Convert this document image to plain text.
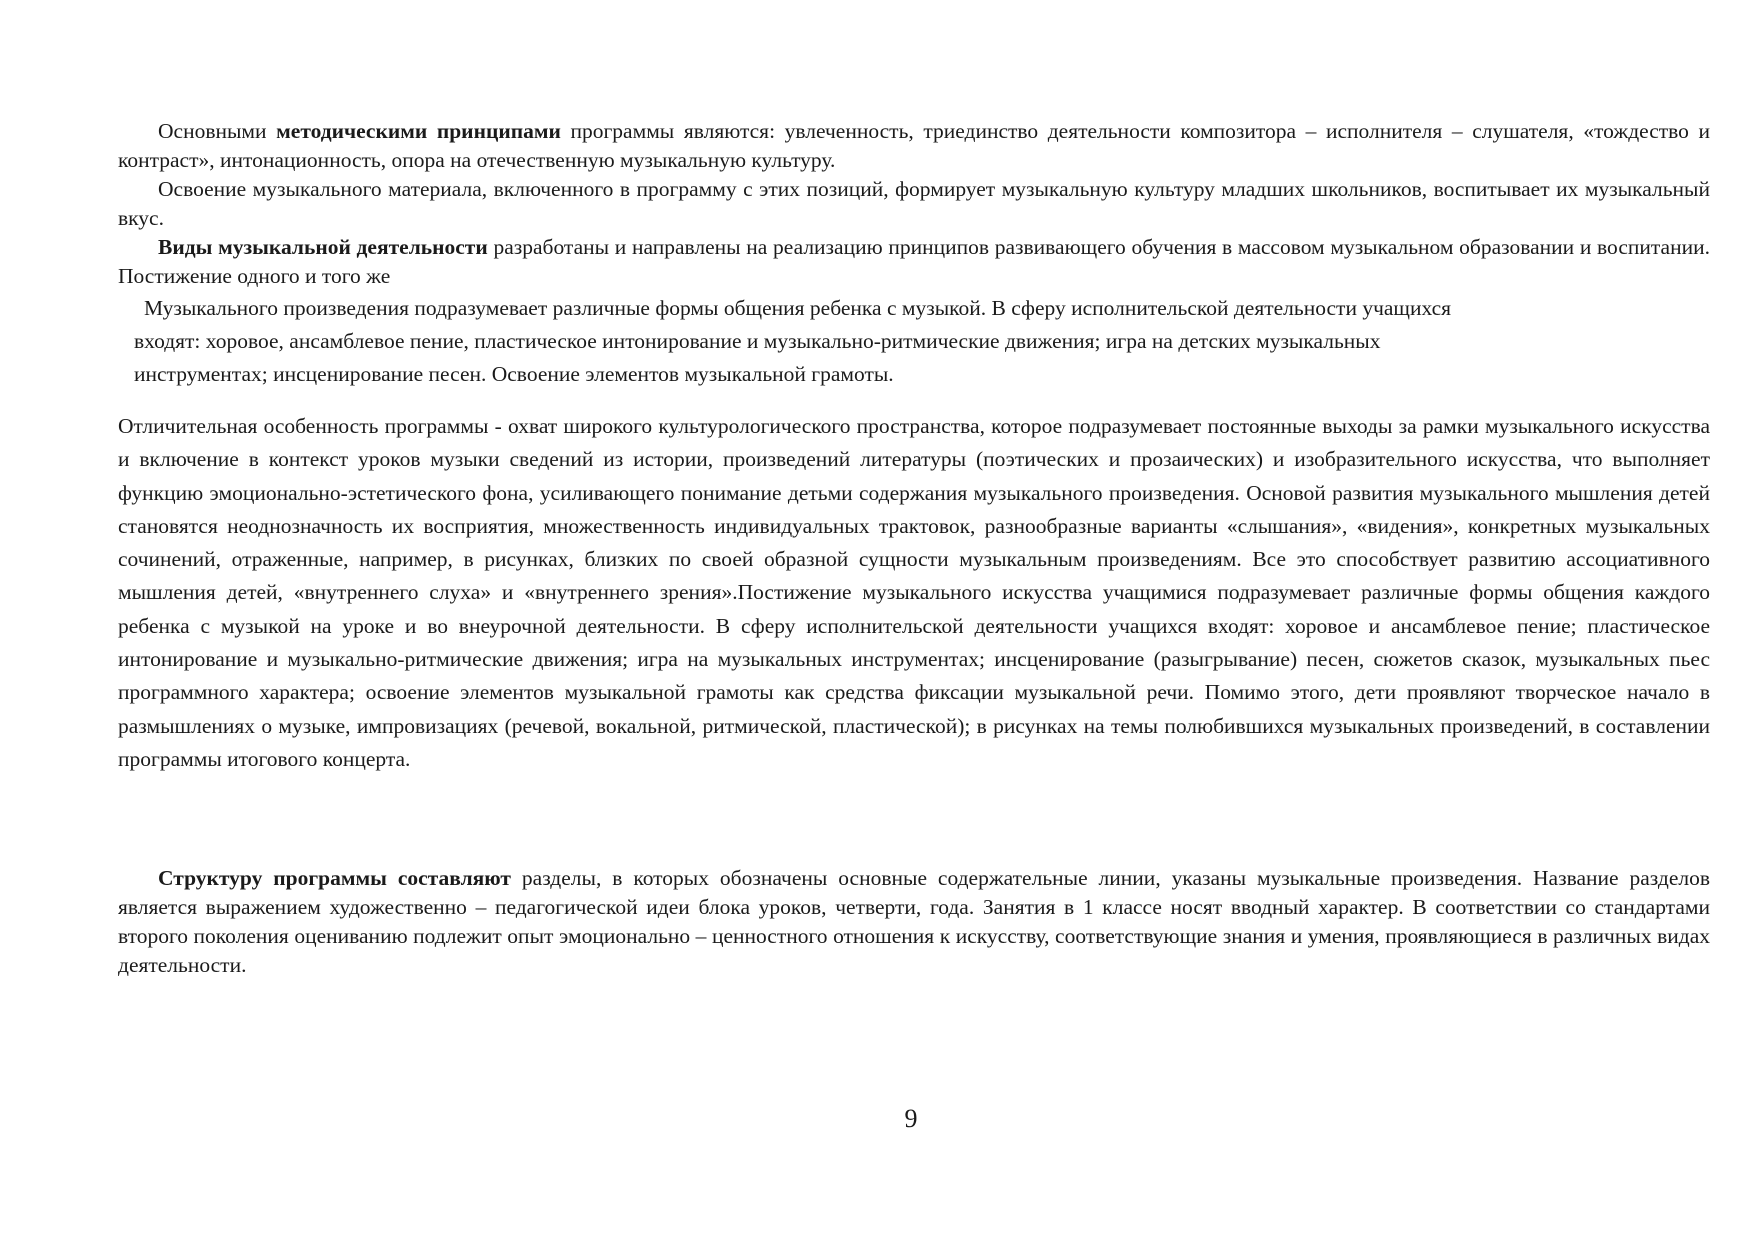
Основными методическими принципами программы являются: увлеченность, триединство деятельности композитора – исполнителя – слушателя, «тождество и контраст», интонационность, опора на отечественную музыкальную культуру.

Освоение музыкального материала, включенного в программу с этих позиций, формирует музыкальную культуру младших школьников, воспитывает их музыкальный вкус.

Виды музыкальной деятельности разработаны и направлены на реализацию принципов развивающего обучения в массовом музыкальном образовании и воспитании. Постижение одного и того же

Музыкального произведения подразумевает различные формы общения ребенка с музыкой. В сферу исполнительской деятельности учащихся
входят: хоровое, ансамблевое пение, пластическое интонирование и музыкально-ритмические движения; игра на детских музыкальных
инструментах; инсценирование песен. Освоение элементов музыкальной грамоты.

Отличительная особенность программы - охват широкого культурологического пространства, которое подразумевает постоянные выходы за рамки музыкального искусства и включение в контекст уроков музыки сведений из истории, произведений литературы (поэтических и прозаических) и изобразительного искусства, что выполняет функцию эмоционально-эстетического фона, усиливающего понимание детьми содержания музыкального произведения. Основой развития музыкального мышления детей становятся неоднозначность их восприятия, множественность индивидуальных трактовок, разнообразные варианты «слышания», «видения», конкретных музыкальных сочинений, отраженные, например, в рисунках, близких по своей образной сущности музыкальным произведениям. Все это способствует развитию ассоциативного мышления детей, «внутреннего слуха» и «внутреннего зрения».Постижение музыкального искусства учащимися подразумевает различные формы общения каждого ребенка с музыкой на уроке и во внеурочной деятельности. В сферу исполнительской деятельности учащихся входят: хоровое и ансамблевое пение; пластическое интонирование и музыкально-ритмические движения; игра на музыкальных инструментах; инсценирование (разыгрывание) песен, сюжетов сказок, музыкальных пьес программного характера; освоение элементов музыкальной грамоты как средства фиксации музыкальной речи. Помимо этого, дети проявляют творческое начало в размышлениях о музыке, импровизациях (речевой, вокальной, ритмической, пластической); в рисунках на темы полюбившихся музыкальных произведений, в составлении программы итогового концерта.

Структуру программы составляют разделы, в которых обозначены основные содержательные линии, указаны музыкальные произведения. Название разделов является выражением художественно – педагогической идеи блока уроков, четверти, года. Занятия в 1 классе носят вводный характер. В соответствии со стандартами второго поколения оцениванию подлежит опыт эмоционально – ценностного отношения к искусству, соответствующие знания и умения, проявляющиеся в различных видах деятельности.

9
